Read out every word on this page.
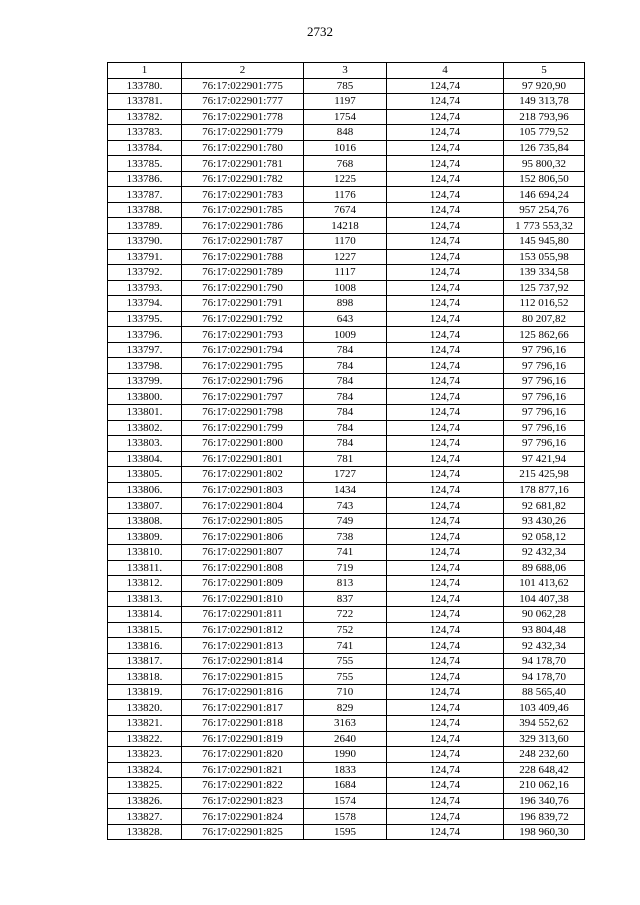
2732
1	2	3	4	5
133780.	76:17:022901:775	785	124,74	97 920,90
133781.	76:17:022901:777	1197	124,74	149 313,78
133782.	76:17:022901:778	1754	124,74	218 793,96
133783.	76:17:022901:779	848	124,74	105 779,52
133784.	76:17:022901:780	1016	124,74	126 735,84
133785.	76:17:022901:781	768	124,74	95 800,32
133786.	76:17:022901:782	1225	124,74	152 806,50
133787.	76:17:022901:783	1176	124,74	146 694,24
133788.	76:17:022901:785	7674	124,74	957 254,76
133789.	76:17:022901:786	14218	124,74	1 773 553,32
133790.	76:17:022901:787	1170	124,74	145 945,80
133791.	76:17:022901:788	1227	124,74	153 055,98
133792.	76:17:022901:789	1117	124,74	139 334,58
133793.	76:17:022901:790	1008	124,74	125 737,92
133794.	76:17:022901:791	898	124,74	112 016,52
133795.	76:17:022901:792	643	124,74	80 207,82
133796.	76:17:022901:793	1009	124,74	125 862,66
133797.	76:17:022901:794	784	124,74	97 796,16
133798.	76:17:022901:795	784	124,74	97 796,16
133799.	76:17:022901:796	784	124,74	97 796,16
133800.	76:17:022901:797	784	124,74	97 796,16
133801.	76:17:022901:798	784	124,74	97 796,16
133802.	76:17:022901:799	784	124,74	97 796,16
133803.	76:17:022901:800	784	124,74	97 796,16
133804.	76:17:022901:801	781	124,74	97 421,94
133805.	76:17:022901:802	1727	124,74	215 425,98
133806.	76:17:022901:803	1434	124,74	178 877,16
133807.	76:17:022901:804	743	124,74	92 681,82
133808.	76:17:022901:805	749	124,74	93 430,26
133809.	76:17:022901:806	738	124,74	92 058,12
133810.	76:17:022901:807	741	124,74	92 432,34
133811.	76:17:022901:808	719	124,74	89 688,06
133812.	76:17:022901:809	813	124,74	101 413,62
133813.	76:17:022901:810	837	124,74	104 407,38
133814.	76:17:022901:811	722	124,74	90 062,28
133815.	76:17:022901:812	752	124,74	93 804,48
133816.	76:17:022901:813	741	124,74	92 432,34
133817.	76:17:022901:814	755	124,74	94 178,70
133818.	76:17:022901:815	755	124,74	94 178,70
133819.	76:17:022901:816	710	124,74	88 565,40
133820.	76:17:022901:817	829	124,74	103 409,46
133821.	76:17:022901:818	3163	124,74	394 552,62
133822.	76:17:022901:819	2640	124,74	329 313,60
133823.	76:17:022901:820	1990	124,74	248 232,60
133824.	76:17:022901:821	1833	124,74	228 648,42
133825.	76:17:022901:822	1684	124,74	210 062,16
133826.	76:17:022901:823	1574	124,74	196 340,76
133827.	76:17:022901:824	1578	124,74	196 839,72
133828.	76:17:022901:825	1595	124,74	198 960,30
